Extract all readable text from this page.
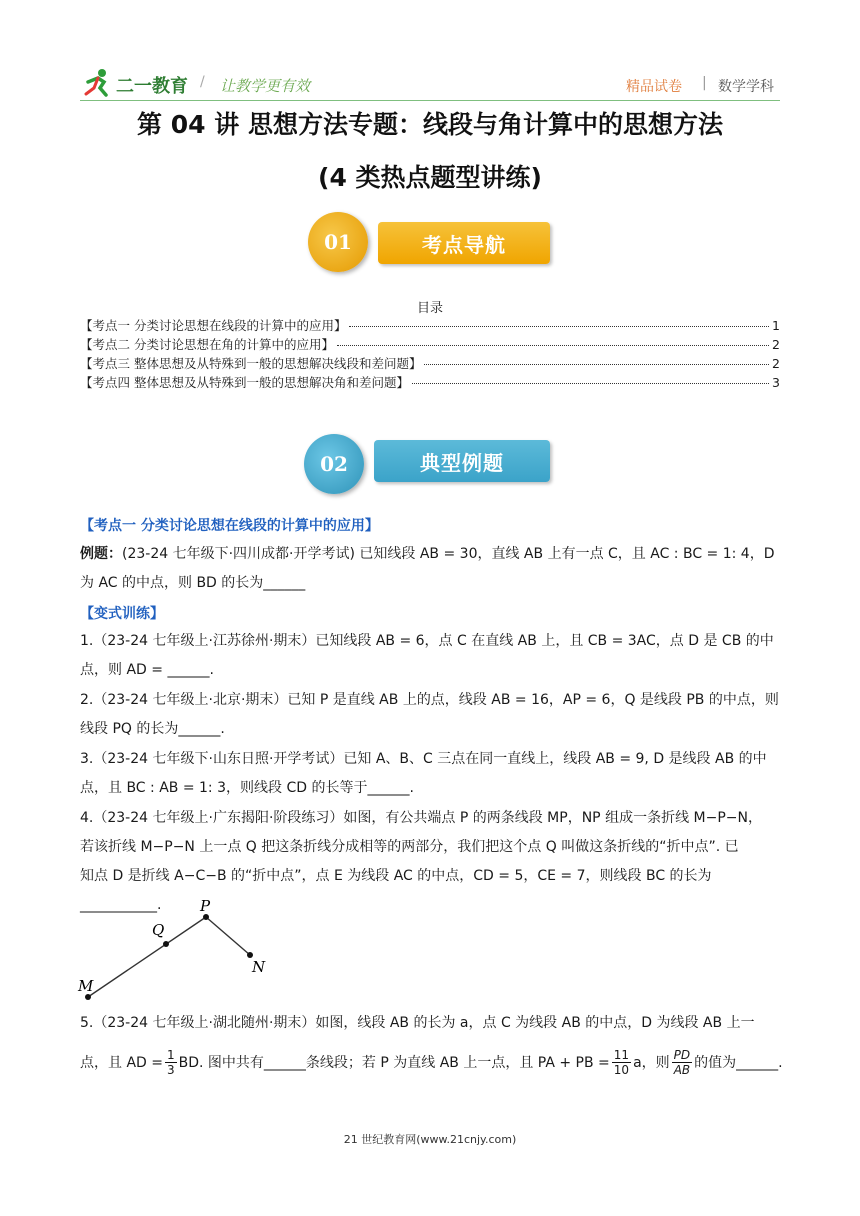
二一教育 / 让教学更有效	精品试卷 | 数学学科
第 04 讲 思想方法专题：线段与角计算中的思想方法
(4 类热点题型讲练)
考点导航
01
目录
【考点一 分类讨论思想在线段的计算中的应用】	1
【考点二 分类讨论思想在角的计算中的应用】	2
【考点三 整体思想及从特殊到一般的思想解决线段和差问题】	2
【考点四 整体思想及从特殊到一般的思想解决角和差问题】	3
典型例题
02
【考点一 分类讨论思想在线段的计算中的应用】
例题：(23-24 七年级下·四川成都·开学考试) 已知线段 AB = 30，直线 AB 上有一点 C，且 AC : BC = 1: 4，D
为 AC 的中点，则 BD 的长为______
【变式训练】
1.（23-24 七年级上·江苏徐州·期末）已知线段 AB = 6，点 C 在直线 AB 上，且 CB = 3AC，点 D 是 CB 的中
点，则 AD = ______.
2.（23-24 七年级上·北京·期末）已知 P 是直线 AB 上的点，线段 AB = 16，AP = 6，Q 是线段 PB 的中点，则
线段 PQ 的长为______.
3.（23-24 七年级下·山东日照·开学考试）已知 A、B、C 三点在同一直线上，线段 AB = 9, D 是线段 AB 的中
点，且 BC : AB = 1: 3，则线段 CD 的长等于______.
4.（23-24 七年级上·广东揭阳·阶段练习）如图，有公共端点 P 的两条线段 MP，NP 组成一条折线 M−P−N，
若该折线 M−P−N 上一点 Q 把这条折线分成相等的两部分，我们把这个点 Q 叫做这条折线的“折中点”. 已
知点 D 是折线 A−C−B 的“折中点”，点 E 为线段 AC 的中点，CD = 5，CE = 7，则线段 BC 的长为___________.	P
Q
N
M
5.（23-24 七年级上·湖北随州·期末）如图，线段 AB 的长为 a，点 C 为线段 AB 的中点，D 为线段 AB 上一
点，且 AD = $\frac{1}{3}$ BD. 图中共有______条线段；若 P 为直线 AB 上一点，且 PA + PB = $\frac{11}{10}$ a，则 $\frac{PD}{AB}$ 的值为______.
21 世纪教育网(www.21cnjy.com)
